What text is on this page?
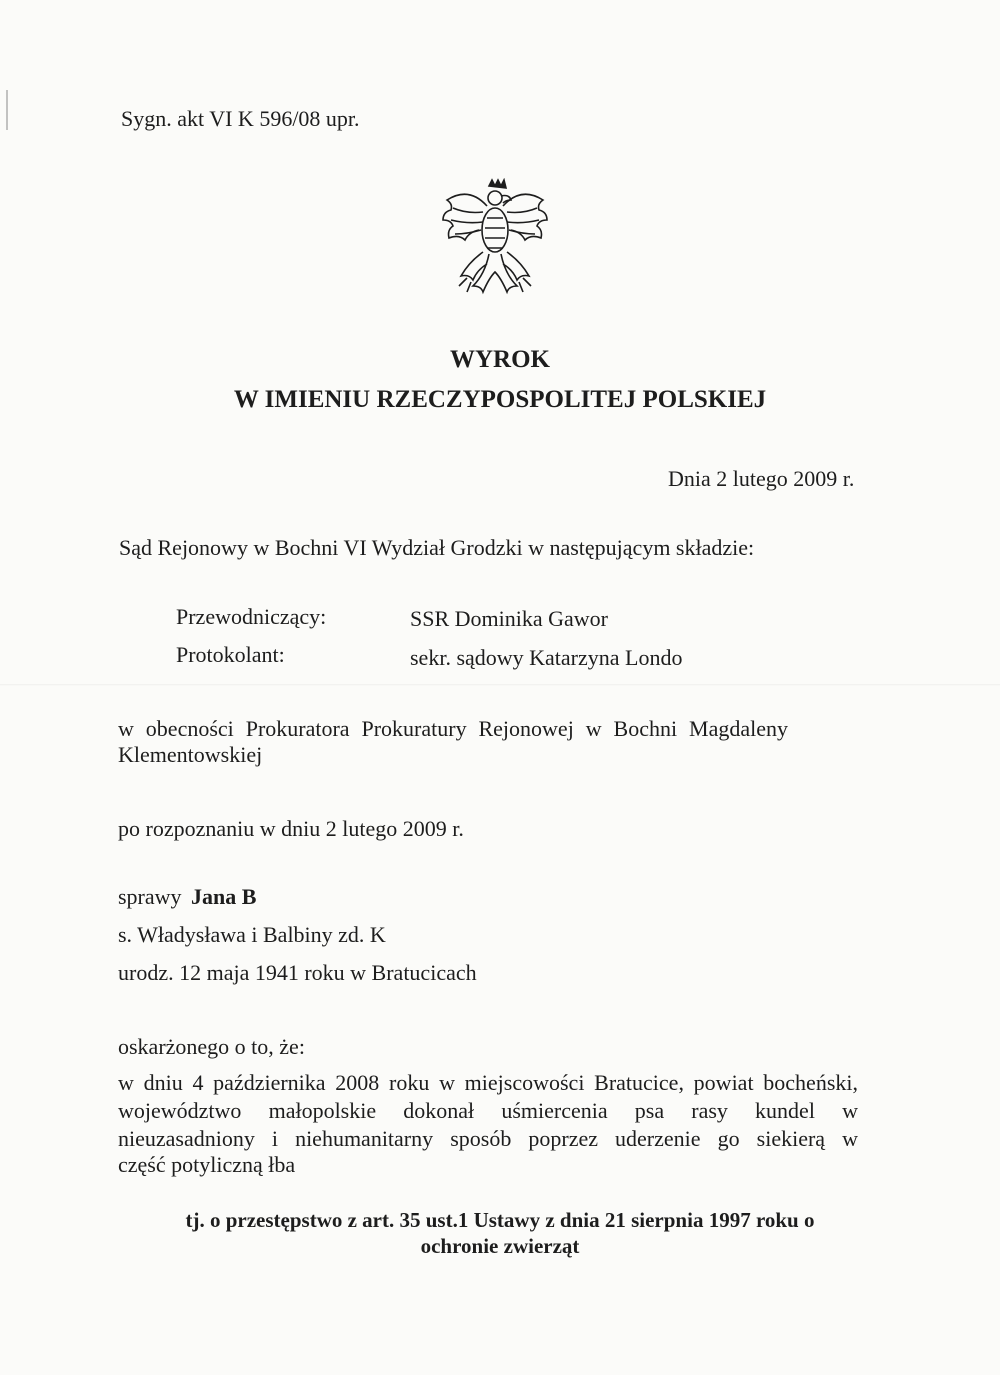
Sygn. akt VI K 596/08 upr.
WYROK
W IMIENIU RZECZYPOSPOLITEJ POLSKIEJ
Dnia 2 lutego 2009 r.
Sąd Rejonowy w Bochni VI Wydział Grodzki w następującym składzie:
Przewodniczący:	SSR Dominika Gawor
Protokolant:	sekr. sądowy Katarzyna Londo
w obecności Prokuratora Prokuratury Rejonowej w Bochni Magdaleny
Klementowskiej
po rozpoznaniu w dniu 2 lutego 2009 r.
sprawy Jana B
s. Władysława i Balbiny zd. K
urodz. 12 maja 1941 roku w Bratucicach
oskarżonego o to, że:
w dniu 4 października 2008 roku w miejscowości Bratucice, powiat bocheński,
województwo małopolskie dokonał uśmiercenia psa rasy kundel w
nieuzasadniony i niehumanitarny sposób poprzez uderzenie go siekierą w
część potyliczną łba
tj. o przestępstwo z art. 35 ust.1 Ustawy z dnia 21 sierpnia 1997 roku o
ochronie zwierząt
